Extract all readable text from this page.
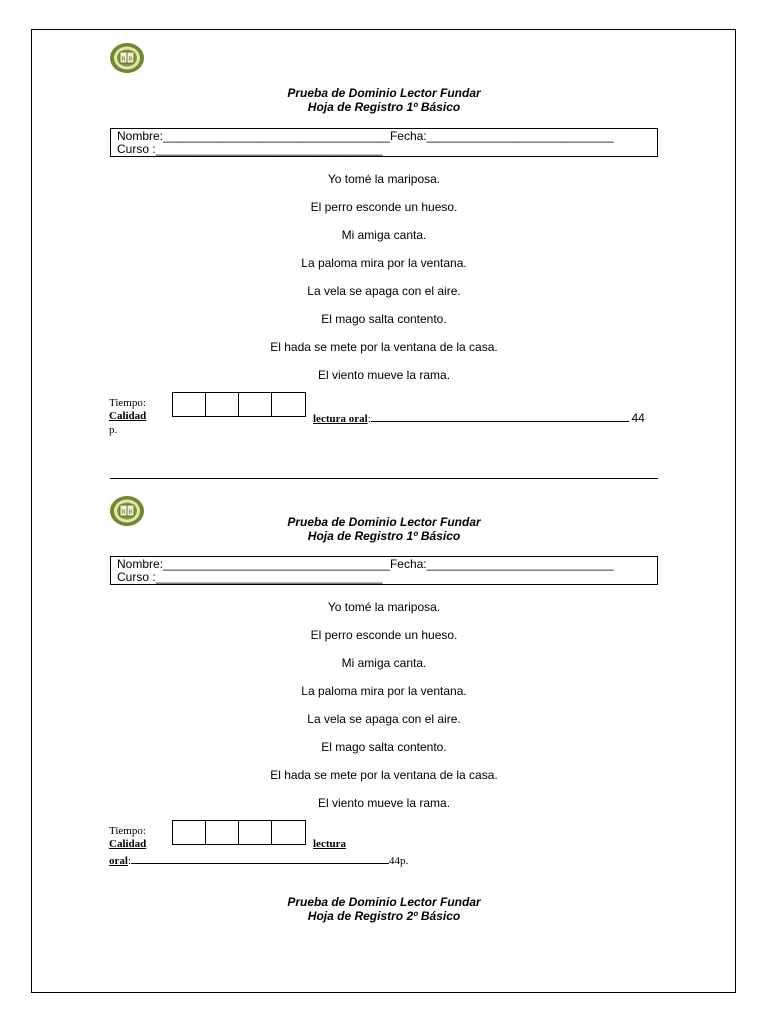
R B
Prueba de Dominio Lector Fundar
Hoja de Registro 1º Básico
Nombre:__________________________________Fecha:____________________________
Curso :__________________________________
Yo tomé la mariposa.
El perro esconde un hueso.
Mi amiga canta.
La paloma mira por la ventana.
La vela se apaga con el aire.
El mago salta contento.
El hada se mete por la ventana de la casa.
El viento mueve la rama.
Tiempo:
Calidad	lectura oral:	44
p.
R B
Prueba de Dominio Lector Fundar
Hoja de Registro 1º Básico
Nombre:__________________________________Fecha:____________________________
Curso :__________________________________
Yo tomé la mariposa.
El perro esconde un hueso.
Mi amiga canta.
La paloma mira por la ventana.
La vela se apaga con el aire.
El mago salta contento.
El hada se mete por la ventana de la casa.
El viento mueve la rama.
Tiempo:
Calidad	lectura
oral:	44p.
Prueba de Dominio Lector Fundar
Hoja de Registro 2º Básico
